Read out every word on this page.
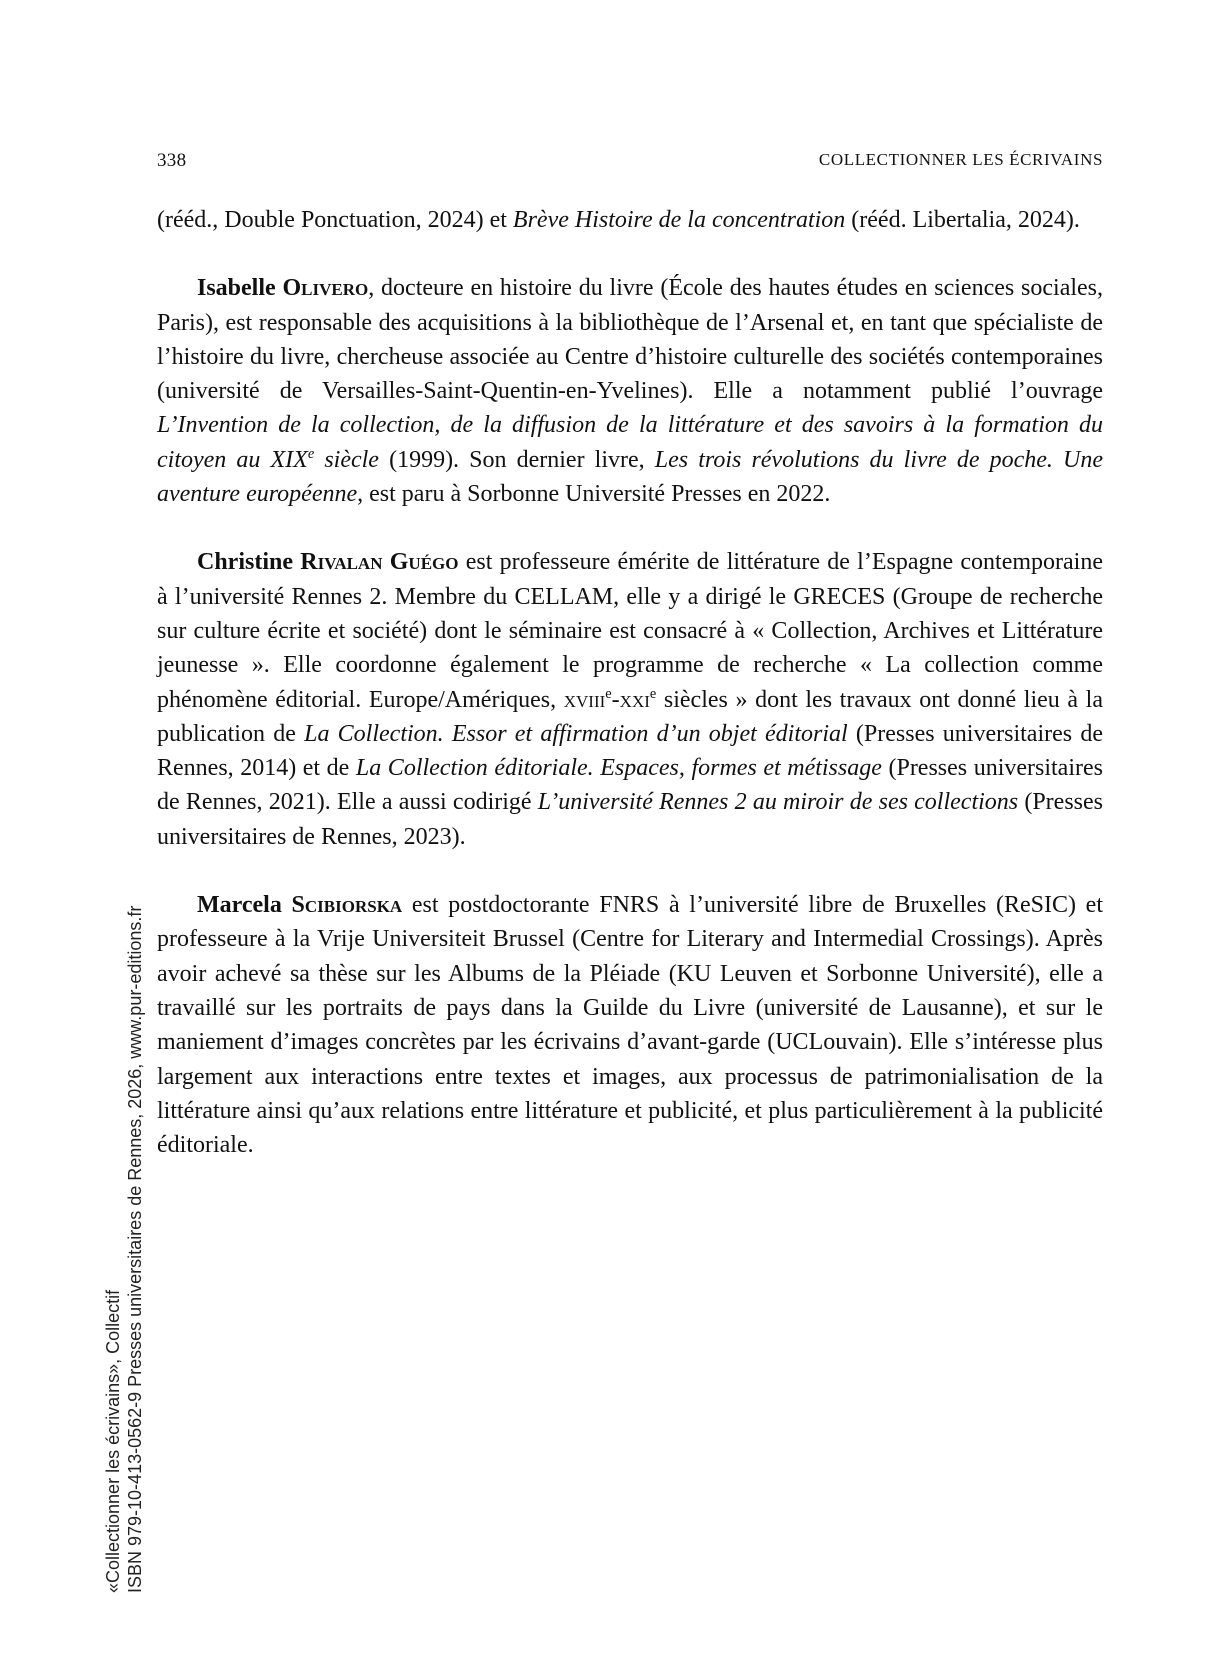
338	COLLECTIONNER LES ÉCRIVAINS

(rééd., Double Ponctuation, 2024) et Brève Histoire de la concentration (rééd. Libertalia, 2024).

Isabelle Olivero, docteure en histoire du livre (École des hautes études en sciences sociales, Paris), est responsable des acquisitions à la bibliothèque de l’Arsenal et, en tant que spécialiste de l’histoire du livre, chercheuse associée au Centre d’histoire culturelle des sociétés contemporaines (université de Versailles-Saint-Quentin-en-Yvelines). Elle a notamment publié l’ouvrage L’Invention de la collection, de la diffusion de la littérature et des savoirs à la formation du citoyen au XIXe siècle (1999). Son dernier livre, Les trois révolutions du livre de poche. Une aventure européenne, est paru à Sorbonne Université Presses en 2022.

Christine Rivalan Guégo est professeure émérite de littérature de l’Espagne contemporaine à l’université Rennes 2. Membre du CELLAM, elle y a dirigé le GRECES (Groupe de recherche sur culture écrite et société) dont le séminaire est consacré à « Collection, Archives et Littérature jeunesse ». Elle coordonne également le programme de recherche « La collection comme phénomène éditorial. Europe/Amériques, xviii$^e$-xxi$^e$ siècles » dont les travaux ont donné lieu à la publication de La Collection. Essor et affirmation d’un objet éditorial (Presses universitaires de Rennes, 2014) et de La Collection éditoriale. Espaces, formes et métissage (Presses universitaires de Rennes, 2021). Elle a aussi codirigé L’université Rennes 2 au miroir de ses collections (Presses universitaires de Rennes, 2023).

Marcela Scibiorska est postdoctorante FNRS à l’université libre de Bruxelles (ReSIC) et professeure à la Vrije Universiteit Brussel (Centre for Literary and Intermedial Crossings). Après avoir achevé sa thèse sur les Albums de la Pléiade (KU Leuven et Sorbonne Université), elle a travaillé sur les portraits de pays dans la Guilde du Livre (université de Lausanne), et sur le maniement d’images concrètes par les écrivains d’avant-garde (UCLouvain). Elle s’intéresse plus largement aux interactions entre textes et images, aux processus de patrimonialisation de la littérature ainsi qu’aux relations entre littérature et publicité, et plus particulièrement à la publicité éditoriale.

«Collectionner les écrivains», Collectif ISBN 979-10-413-0562-9 Presses universitaires de Rennes, 2026, www.pur-editions.fr
